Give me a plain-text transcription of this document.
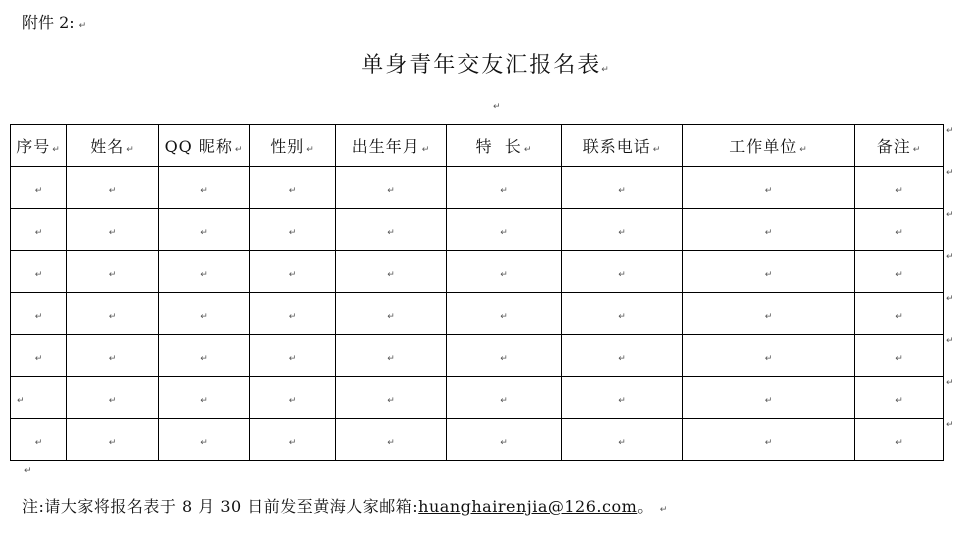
附件 2: ↵
单身青年交友汇报名表↵
↵
序号 ↵	姓名 ↵	QQ 昵称 ↵	性别 ↵	出生年月 ↵	特  长 ↵	联系电话 ↵	工作单位 ↵	备注 ↵
↵	↵	↵	↵	↵	↵	↵	↵	↵
↵	↵	↵	↵	↵	↵	↵	↵	↵
↵	↵	↵	↵	↵	↵	↵	↵	↵
↵	↵	↵	↵	↵	↵	↵	↵	↵
↵	↵	↵	↵	↵	↵	↵	↵	↵
↵	↵	↵	↵	↵	↵	↵	↵	↵
↵	↵	↵	↵	↵	↵	↵	↵	↵
↵
↵
↵
↵
↵
↵
↵
↵
↵
注:请大家将报名表于 8 月 30 日前发至黄海人家邮箱:huanghairenjia@126.com。 ↵
